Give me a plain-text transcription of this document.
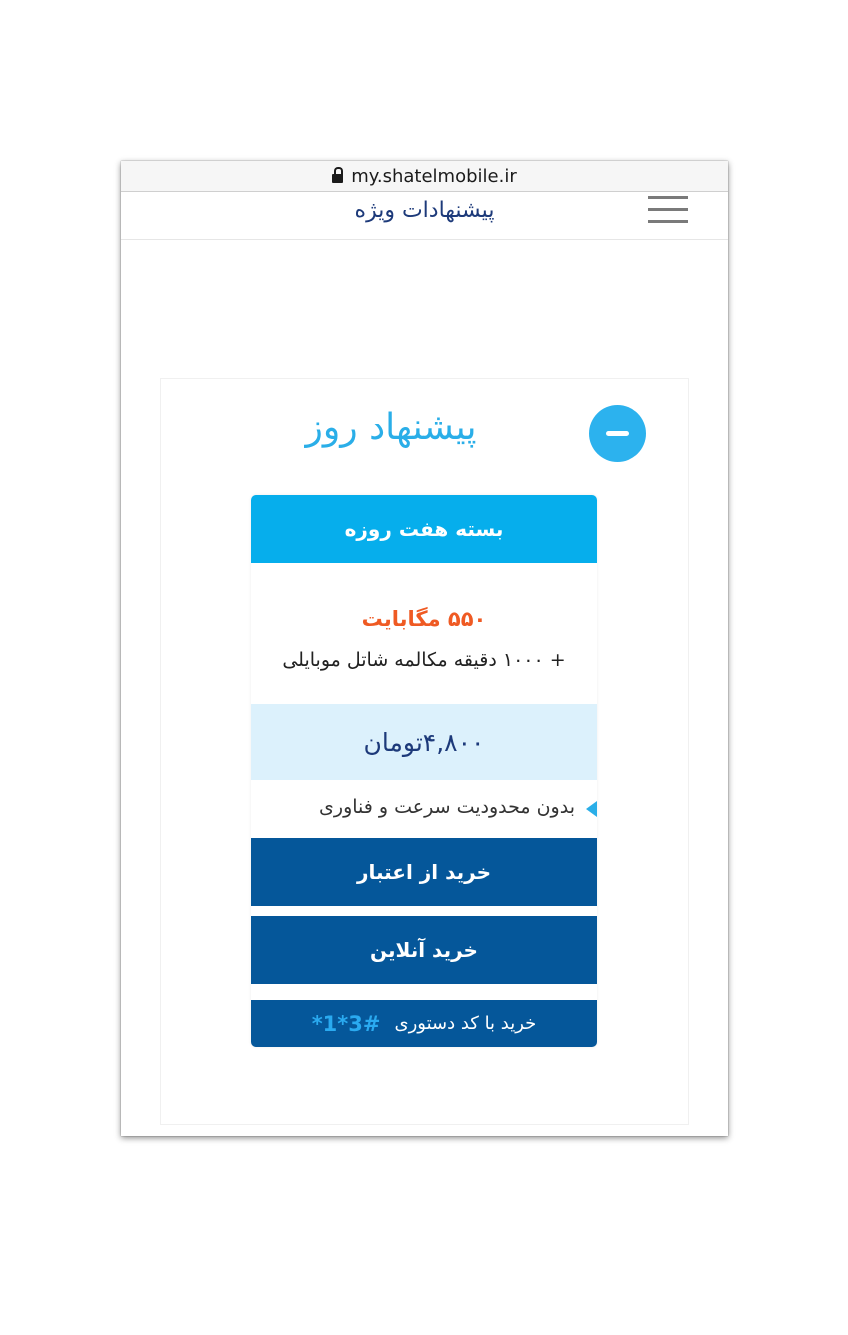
my.shatelmobile.ir
پیشنهادات ویژه
پیشنهاد روز
بسته هفت روزه
۵۵۰ مگابایت
+ ۱۰۰۰ دقیقه مکالمه شاتل موبایلی
۴,۸۰۰تومان
بدون محدودیت سرعت و فناوری
خرید از اعتبار
خرید آنلاین
خرید با کد دستوری
*1*3#
